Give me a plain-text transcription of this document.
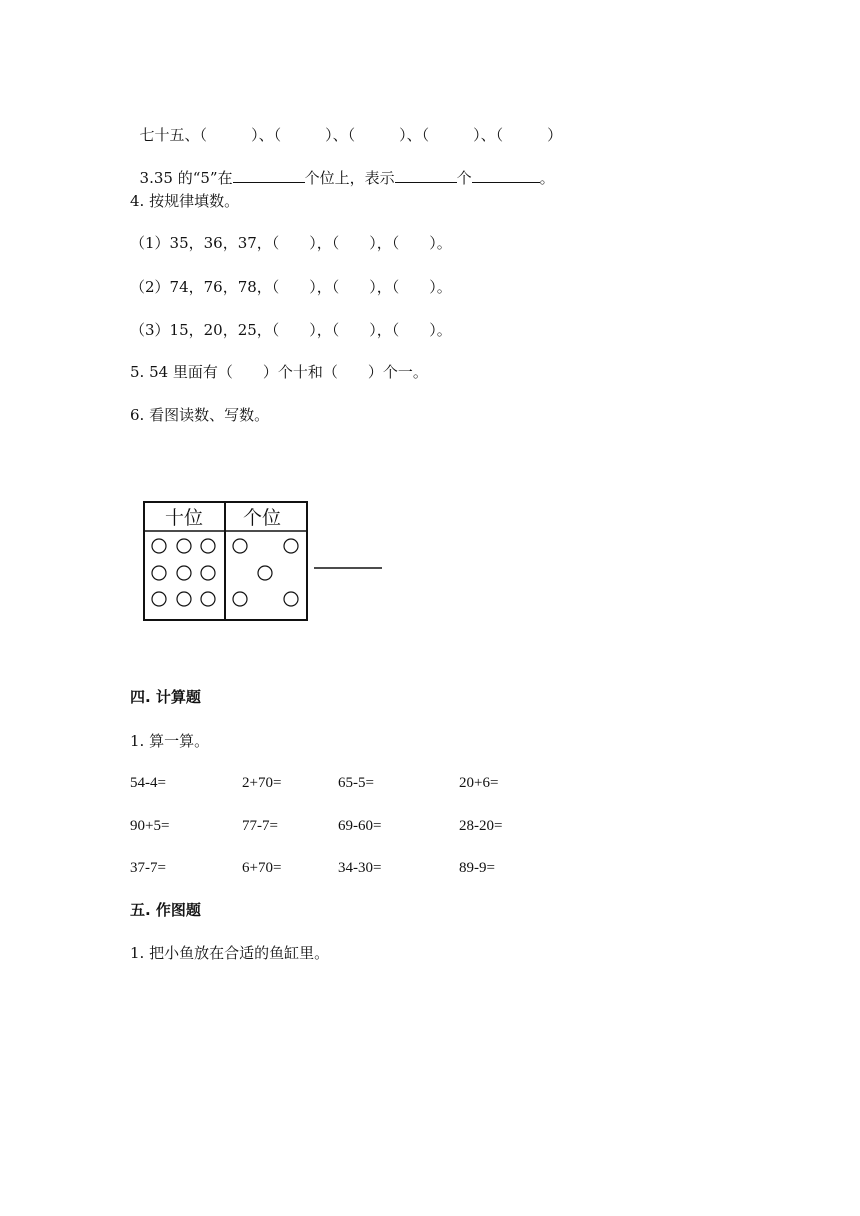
七十五、（	）、（	）、（	）、（	）、（	）

3.35 的“5”在	个位上，表示	个	。

4. 按规律填数。
（1）35，36，37，（　　），（　　），（　　）。
（2）74，76，78，（　　），（　　），（　　）。
（3）15，20，25，（　　），（　　），（　　）。
5. 54 里面有（　　）个十和（　　）个一。
6. 看图读数、写数。
十位 个位
四. 计算题
1. 算一算。
54-4=	2+70=	65-5=	20+6=
90+5=	77-7=	69-60=	28-20=
37-7=	6+70=	34-30=	89-9=
五. 作图题
1. 把小鱼放在合适的鱼缸里。
